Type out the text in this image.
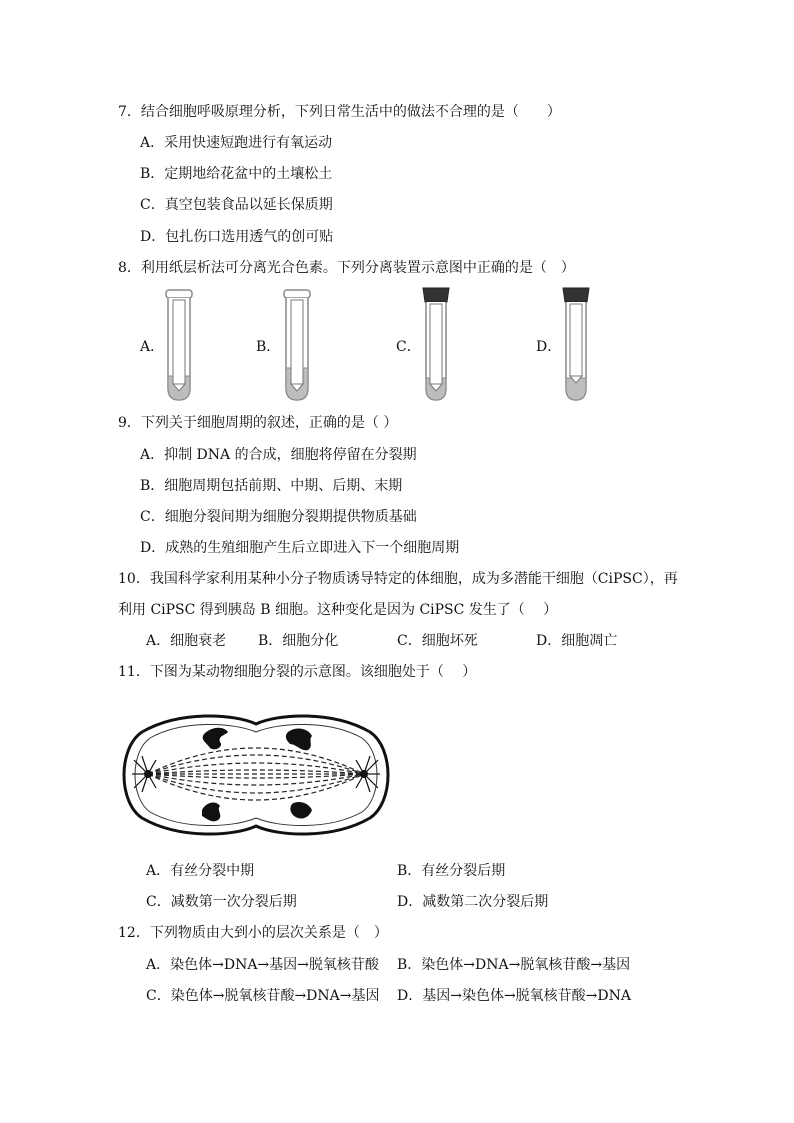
7．结合细胞呼吸原理分析，下列日常生活中的做法不合理的是（　　）
A．采用快速短跑进行有氧运动
B．定期地给花盆中的土壤松土
C．真空包装食品以延长保质期
D．包扎伤口选用透气的创可贴
8．利用纸层析法可分离光合色素。下列分离装置示意图中正确的是（　）
A．	B．	C．	D．
9．下列关于细胞周期的叙述，正确的是（ ）
A．抑制 DNA 的合成，细胞将停留在分裂期
B．细胞周期包括前期、中期、后期、末期
C．细胞分裂间期为细胞分裂期提供物质基础
D．成熟的生殖细胞产生后立即进入下一个细胞周期
10．我国科学家利用某种小分子物质诱导特定的体细胞，成为多潜能干细胞（CiPSC），再
利用 CiPSC 得到胰岛 B 细胞。这种变化是因为 CiPSC 发生了（　 ）
A．细胞衰老 B．细胞分化	C．细胞坏死	D．细胞凋亡
11．下图为某动物细胞分裂的示意图。该细胞处于（　 ）
A．有丝分裂中期	B．有丝分裂后期
C．减数第一次分裂后期	D．减数第二次分裂后期
12．下列物质由大到小的层次关系是（　）
A．染色体→DNA→基因→脱氧核苷酸 B．染色体→DNA→脱氧核苷酸→基因
C．染色体→脱氧核苷酸→DNA→基因 D．基因→染色体→脱氧核苷酸→DNA
